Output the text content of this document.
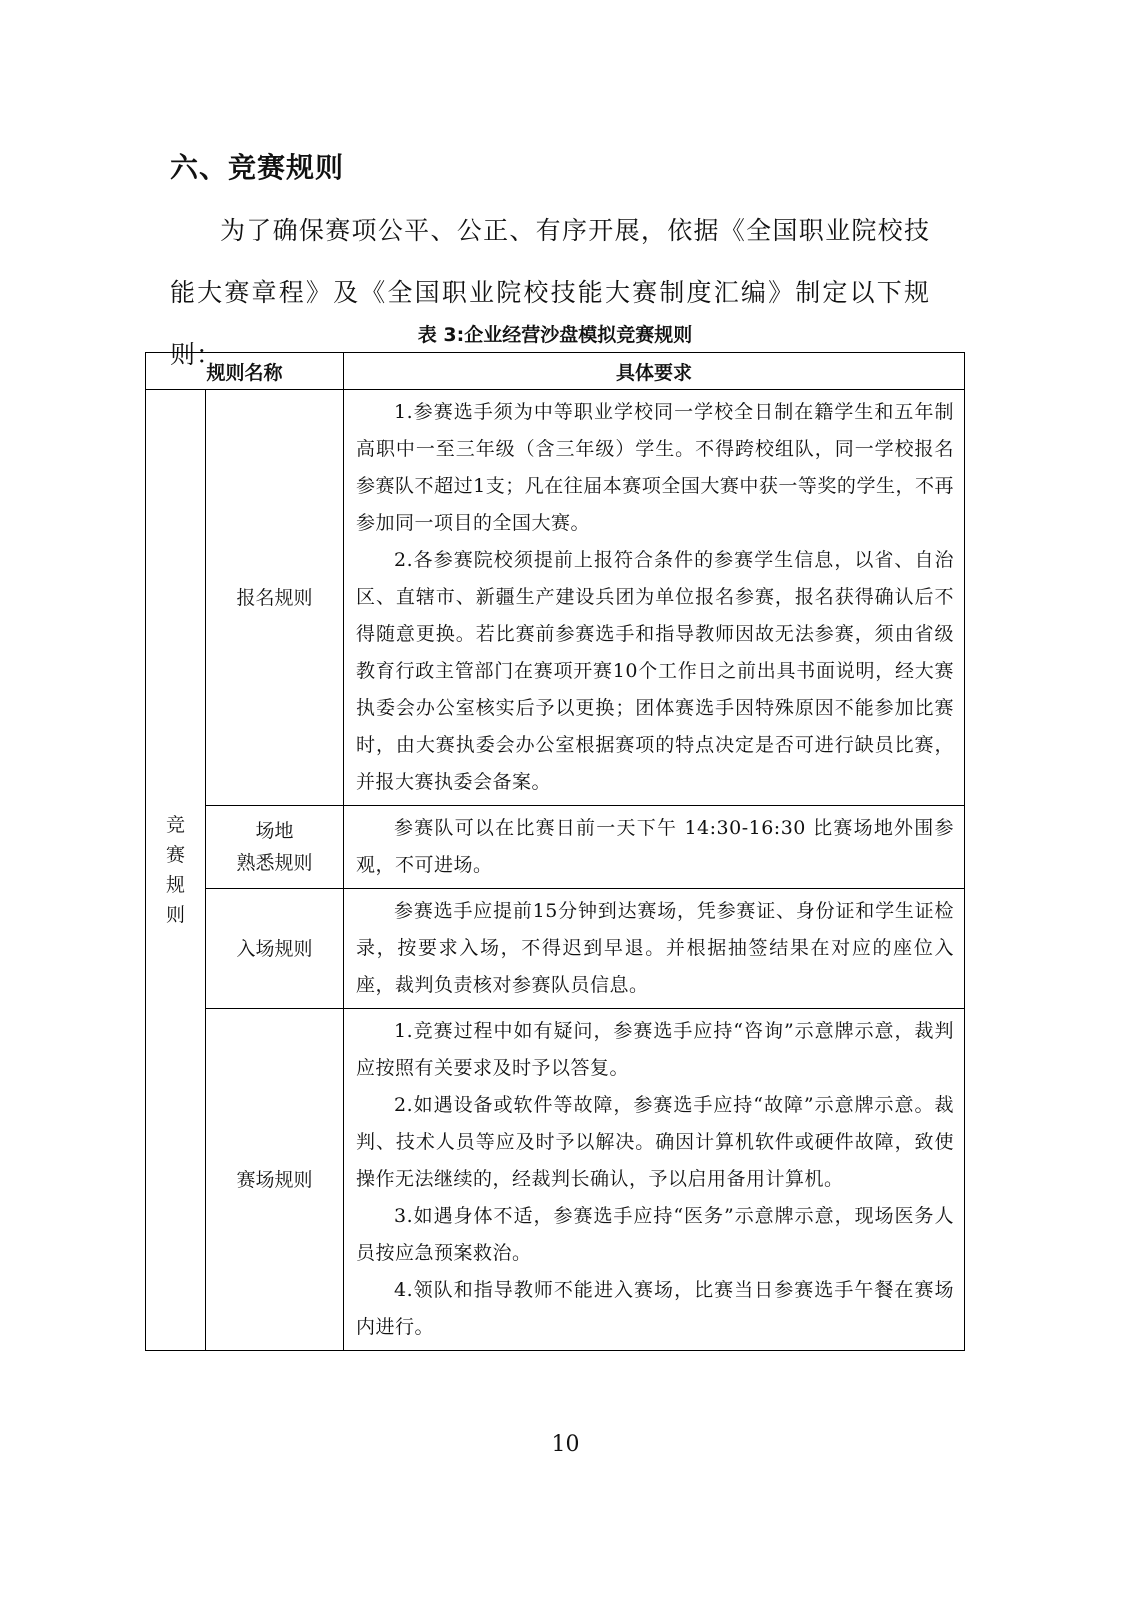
六、竞赛规则

为了确保赛项公平、公正、有序开展，依据《全国职业院校技能大赛章程》及《全国职业院校技能大赛制度汇编》制定以下规则：

表 3:企业经营沙盘模拟竞赛规则

规则名称		具体要求
竞赛规则	报名规则	1.参赛选手须为中等职业学校同一学校全日制在籍学生和五年制高职中一至三年级（含三年级）学生。不得跨校组队，同一学校报名参赛队不超过1支；凡在往届本赛项全国大赛中获一等奖的学生，不再参加同一项目的全国大赛。

2.各参赛院校须提前上报符合条件的参赛学生信息，以省、自治区、直辖市、新疆生产建设兵团为单位报名参赛，报名获得确认后不得随意更换。若比赛前参赛选手和指导教师因故无法参赛，须由省级教育行政主管部门在赛项开赛10个工作日之前出具书面说明，经大赛执委会办公室核实后予以更换；团体赛选手因特殊原因不能参加比赛时，由大赛执委会办公室根据赛项的特点决定是否可进行缺员比赛，并报大赛执委会备案。

	场地
熟悉规则	参赛队可以在比赛日前一天下午 14:30-16:30 比赛场地外围参观，不可进场。

	入场规则	参赛选手应提前15分钟到达赛场，凭参赛证、身份证和学生证检录，按要求入场，不得迟到早退。并根据抽签结果在对应的座位入座，裁判负责核对参赛队员信息。

	赛场规则	1.竞赛过程中如有疑问，参赛选手应持“咨询”示意牌示意，裁判应按照有关要求及时予以答复。

2.如遇设备或软件等故障，参赛选手应持“故障”示意牌示意。裁判、技术人员等应及时予以解决。确因计算机软件或硬件故障，致使操作无法继续的，经裁判长确认，予以启用备用计算机。

3.如遇身体不适，参赛选手应持“医务”示意牌示意，现场医务人员按应急预案救治。

4.领队和指导教师不能进入赛场，比赛当日参赛选手午餐在赛场内进行。

10
